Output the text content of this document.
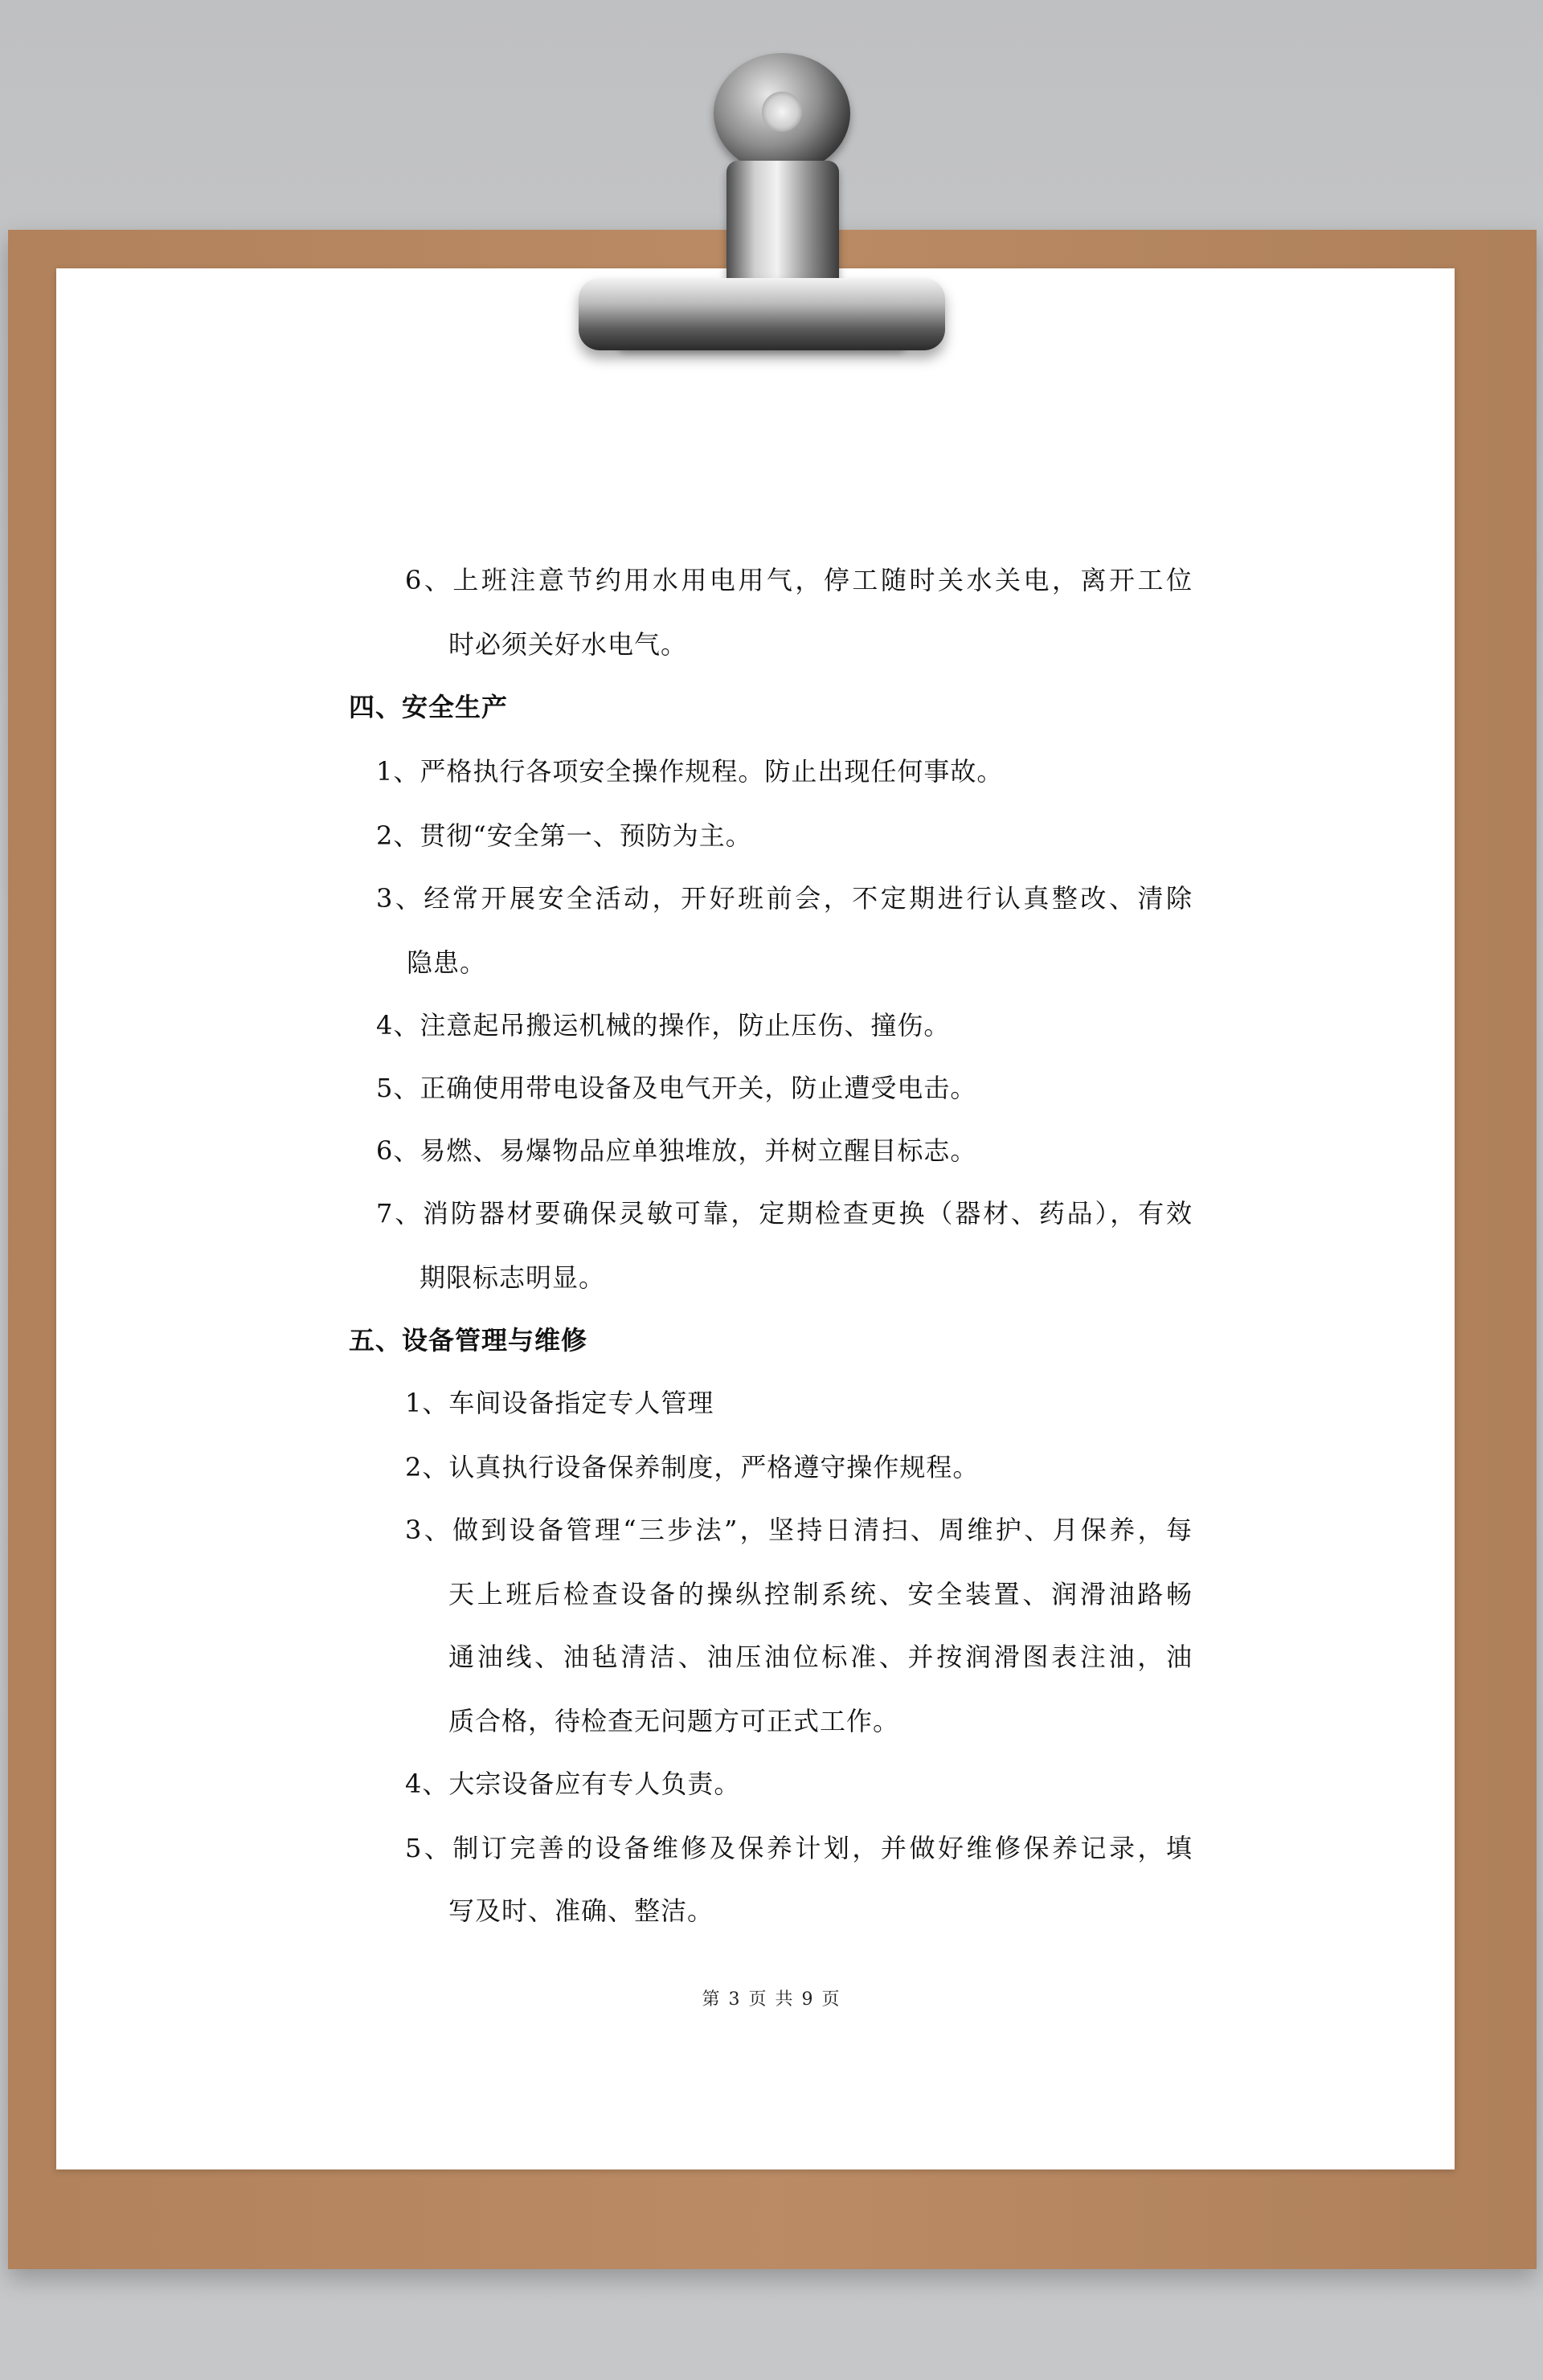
6、上班注意节约用水用电用气，停工随时关水关电，离开工位
时必须关好水电气。
四、安全生产
1、严格执行各项安全操作规程。防止出现任何事故。
2、贯彻“安全第一、预防为主。
3、经常开展安全活动，开好班前会，不定期进行认真整改、清除
隐患。
4、注意起吊搬运机械的操作，防止压伤、撞伤。
5、正确使用带电设备及电气开关，防止遭受电击。
6、易燃、易爆物品应单独堆放，并树立醒目标志。
7、消防器材要确保灵敏可靠，定期检查更换（器材、药品），有效
期限标志明显。
五、设备管理与维修
1、车间设备指定专人管理
2、认真执行设备保养制度，严格遵守操作规程。
3、做到设备管理“三步法”，坚持日清扫、周维护、月保养，每
天上班后检查设备的操纵控制系统、安全装置、润滑油路畅
通油线、油毡清洁、油压油位标准、并按润滑图表注油，油
质合格，待检查无问题方可正式工作。
4、大宗设备应有专人负责。
5、制订完善的设备维修及保养计划，并做好维修保养记录，填
写及时、准确、整洁。
第 3 页 共 9 页
